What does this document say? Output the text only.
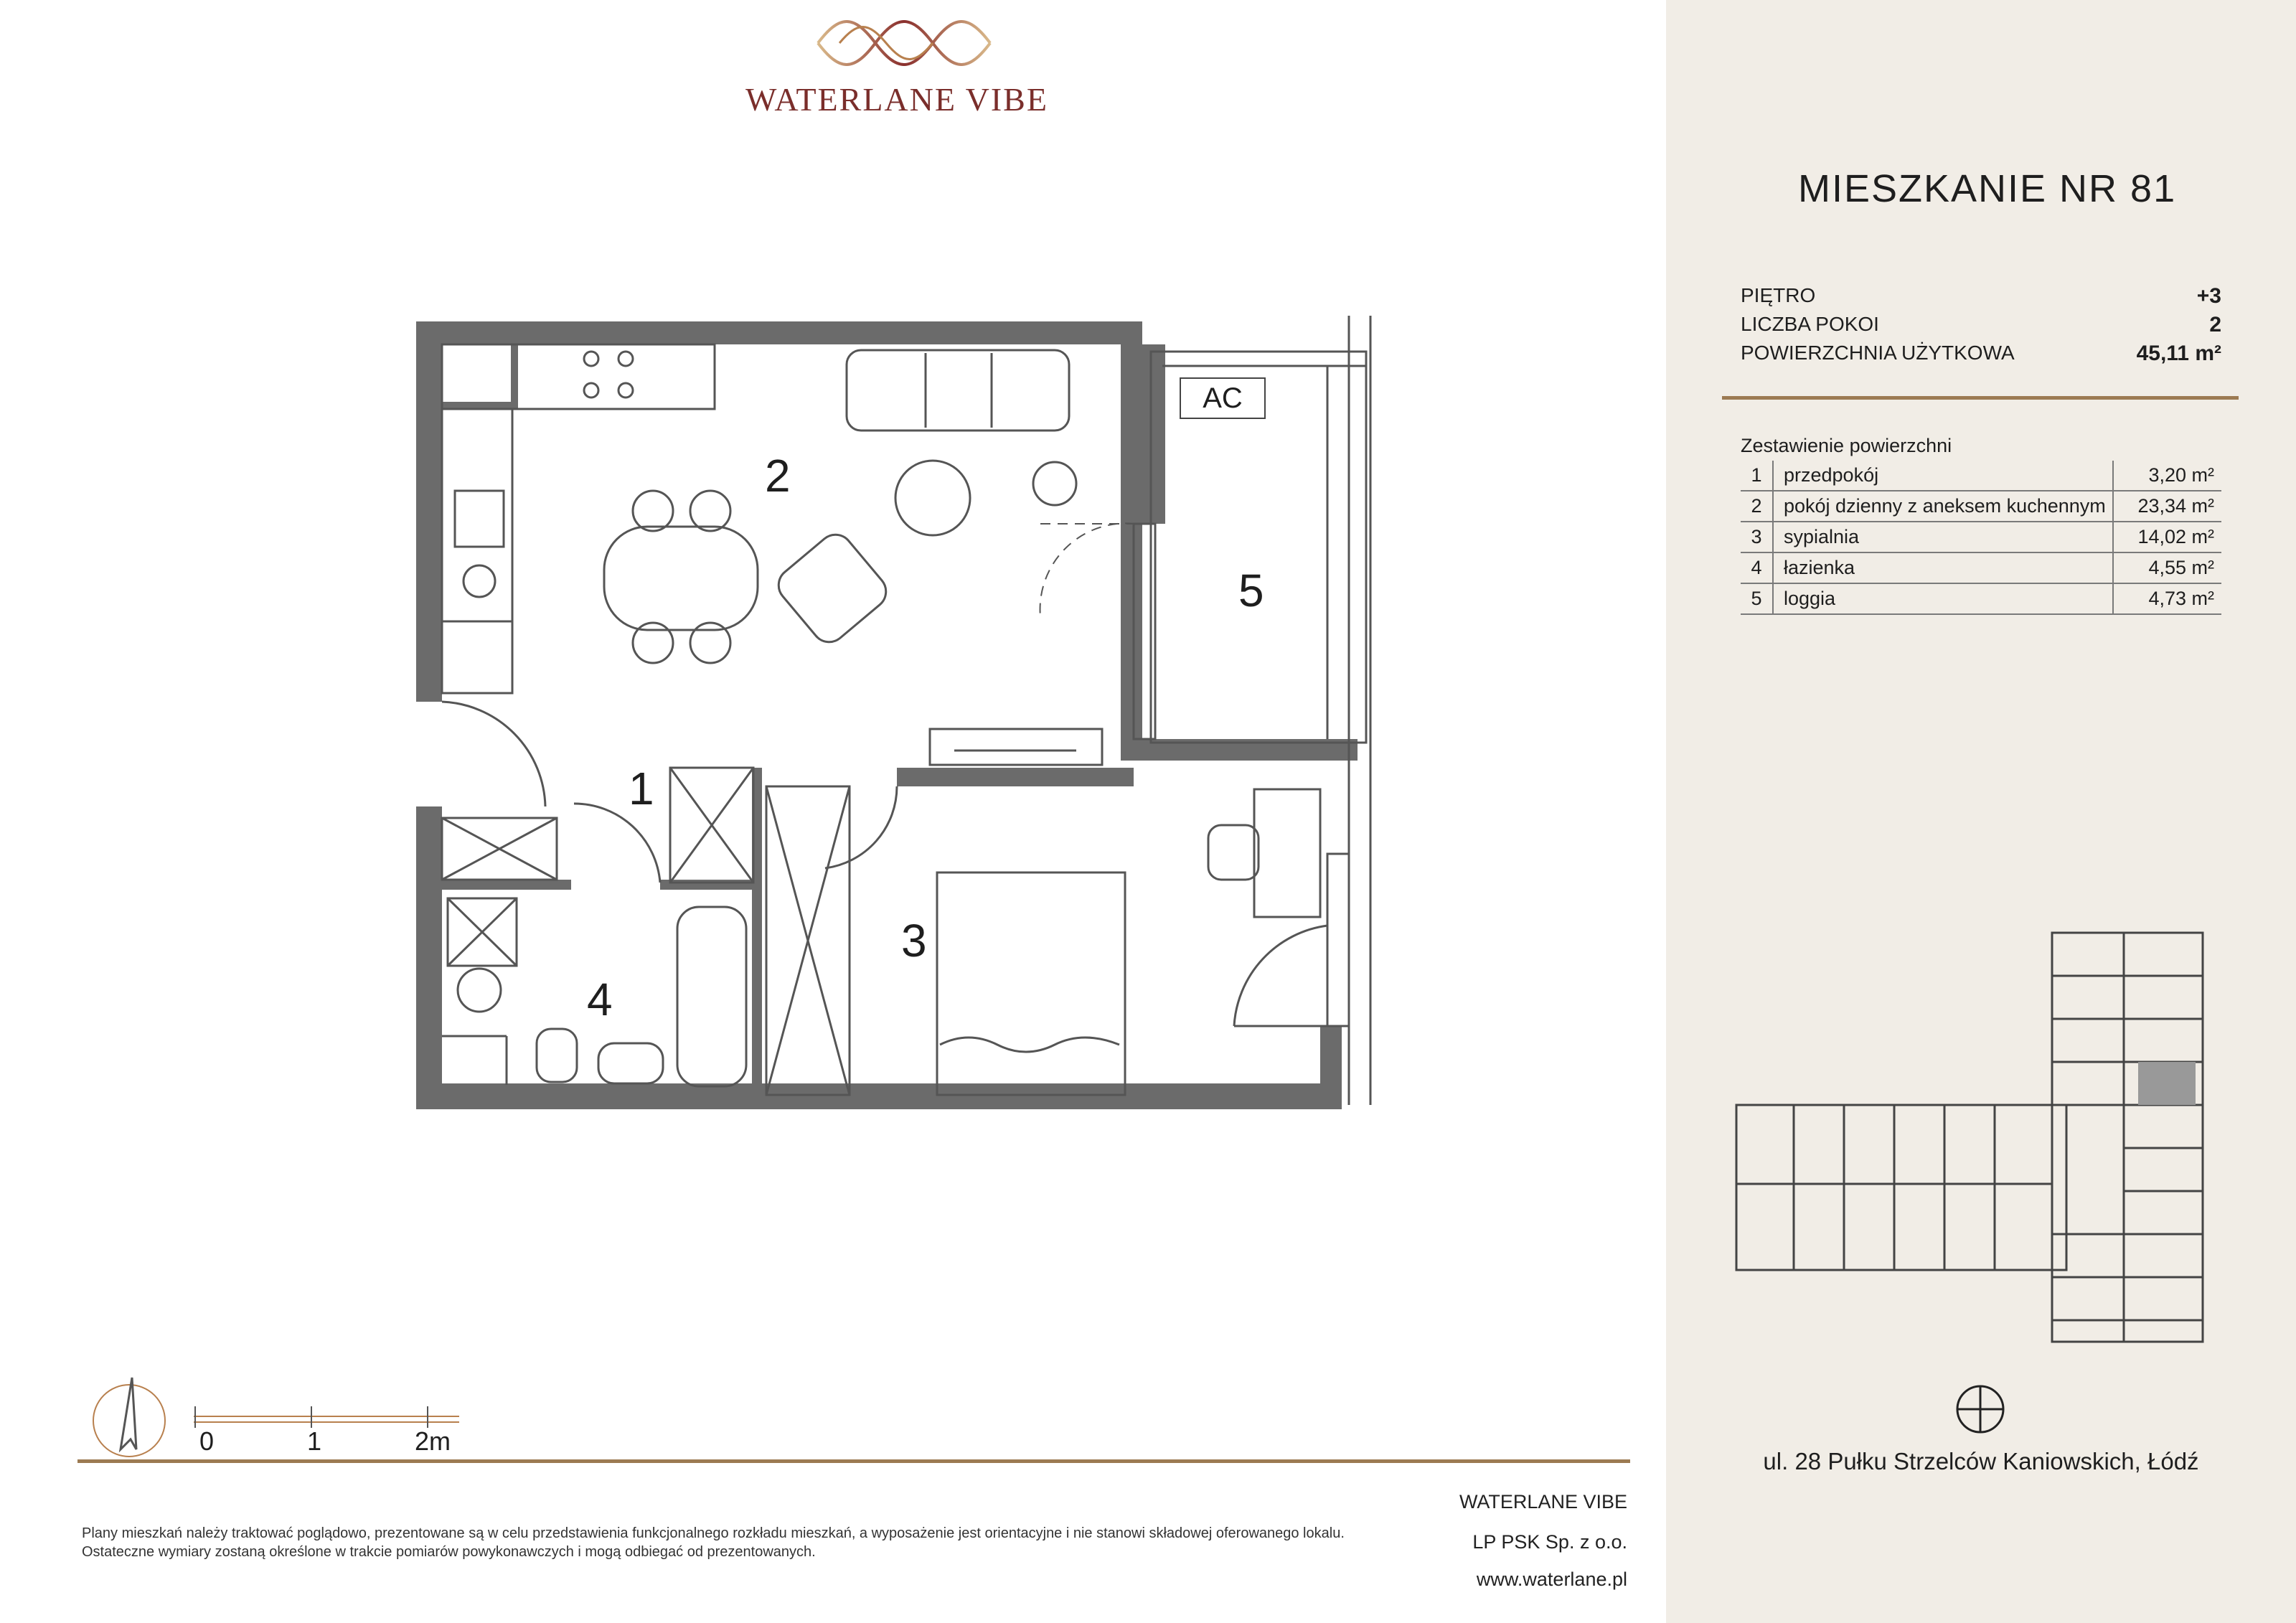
WATERLANE VIBE
1
2
3
4
5
AC
MIESZKANIE NR 81
PIĘTRO	+3
LICZBA POKOI	2
POWIERZCHNIA UŻYTKOWA	45,11 m²
Zestawienie powierzchni
1	przedpokój	3,20 m²
2	pokój dzienny z aneksem kuchennym	23,34 m²
3	sypialnia	14,02 m²
4	łazienka	4,55 m²
5	loggia	4,73 m²
ul. 28 Pułku Strzelców Kaniowskich, Łódź
0	1	2m
Plany mieszkań należy traktować poglądowo, prezentowane są w celu przedstawienia funkcjonalnego rozkładu mieszkań, a wyposażenie jest orientacyjne i nie stanowi składowej oferowanego lokalu.
Ostateczne wymiary zostaną określone w trakcie pomiarów powykonawczych i mogą odbiegać od prezentowanych.
WATERLANE VIBE
LP PSK Sp. z o.o.
www.waterlane.pl
